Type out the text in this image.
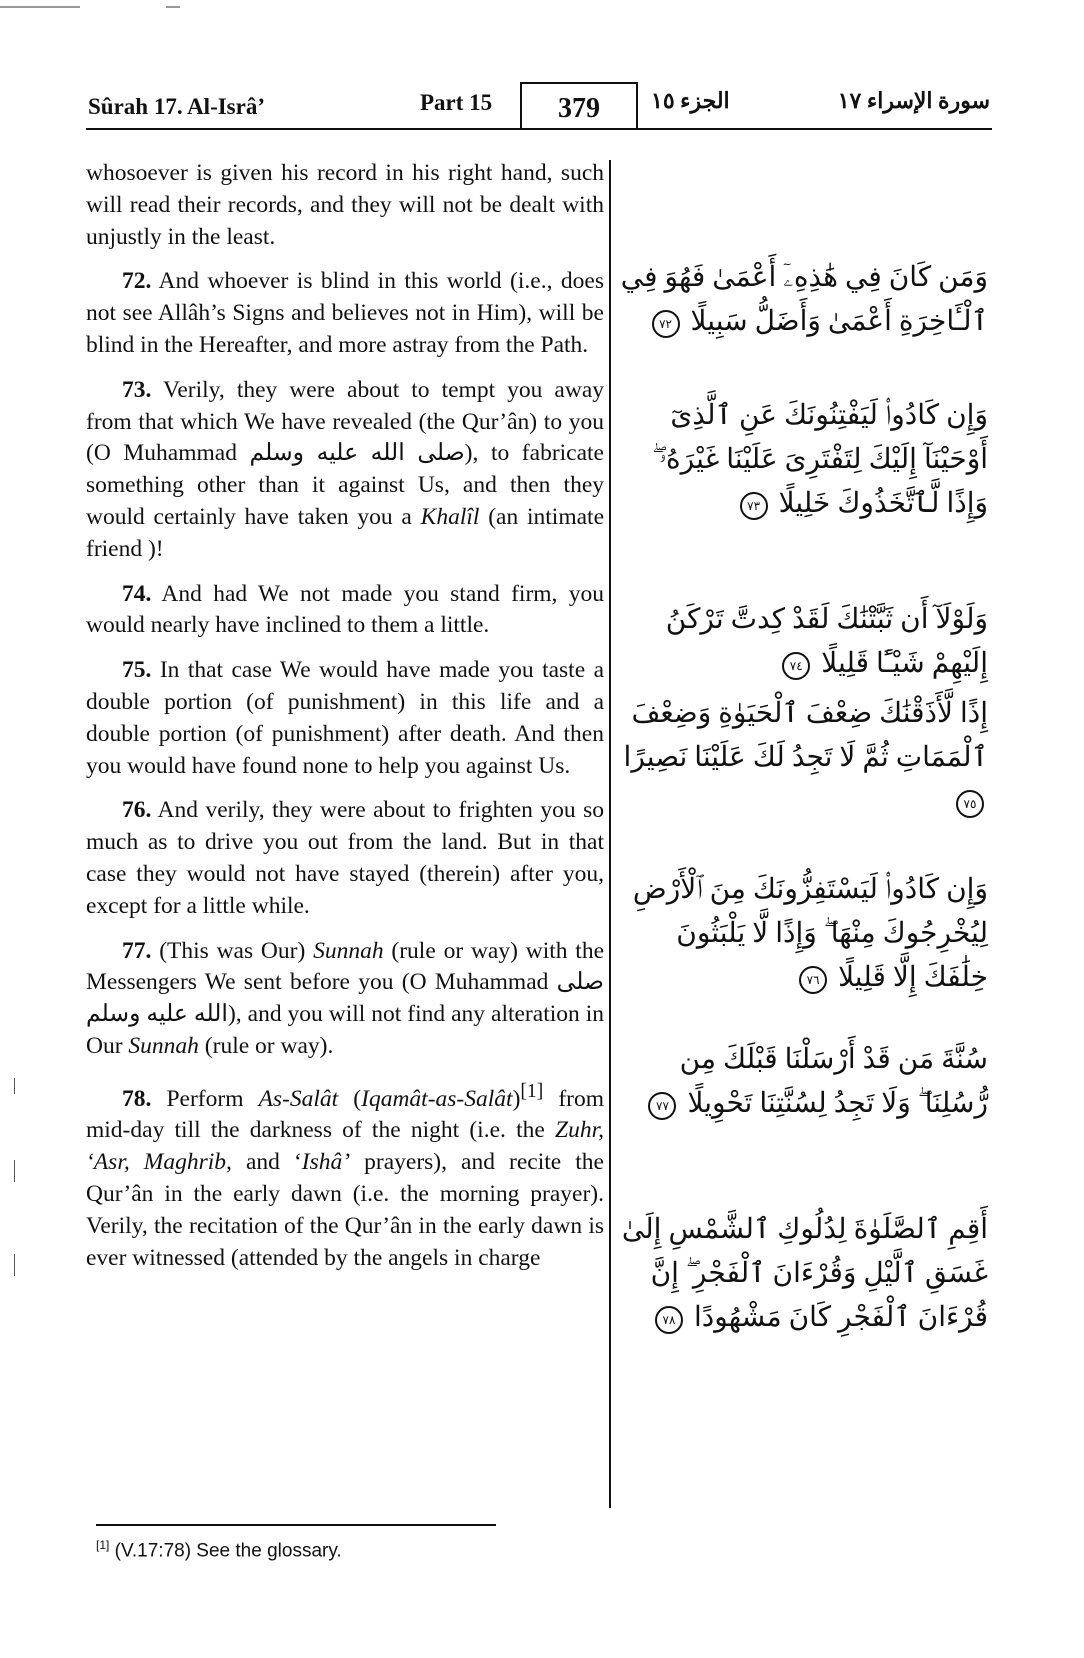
Sûrah 17. Al-Isrâ’	Part 15	379	الجزء ١٥	سورة الإسراء ١٧

whosoever is given his record in his right hand, such will read their records, and they will not be dealt with unjustly in the least.

72. And whoever is blind in this world (i.e., does not see Allâh’s Signs and believes not in Him), will be blind in the Hereafter, and more astray from the Path.

73. Verily, they were about to tempt you away from that which We have revealed (the Qur’ân) to you (O Muhammad صلى الله عليه وسلم), to fabricate something other than it against Us, and then they would certainly have taken you a Khalîl (an intimate friend )!

74. And had We not made you stand firm, you would nearly have inclined to them a little.

75. In that case We would have made you taste a double portion (of punishment) in this life and a double portion (of punishment) after death. And then you would have found none to help you against Us.

76. And verily, they were about to frighten you so much as to drive you out from the land. But in that case they would not have stayed (therein) after you, except for a little while.

77. (This was Our) Sunnah (rule or way) with the Messengers We sent before you (O Muhammad صلى الله عليه وسلم), and you will not find any alteration in Our Sunnah (rule or way).

78. Perform As-Salât (Iqamât-as-Salât)[1] from mid-day till the darkness of the night (i.e. the Zuhr, ‘Asr, Maghrib, and ‘Ishâ’ prayers), and recite the Qur’ân in the early dawn (i.e. the morning prayer). Verily, the recitation of the Qur’ân in the early dawn is ever witnessed (attended by the angels in charge

وَمَن كَانَ فِي هَٰذِهِۦٓ أَعْمَىٰ فَهُوَ فِي ٱلْـَٔاخِرَةِ أَعْمَىٰ وَأَضَلُّ سَبِيلًا ٧٢
وَإِن كَادُوا۟ لَيَفْتِنُونَكَ عَنِ ٱلَّذِىٓ أَوْحَيْنَآ إِلَيْكَ لِتَفْتَرِىَ عَلَيْنَا غَيْرَهُۥ ۖ وَإِذًا لَّٱتَّخَذُوكَ خَلِيلًا ٧٣
وَلَوْلَآ أَن ثَبَّتْنَٰكَ لَقَدْ كِدتَّ تَرْكَنُ إِلَيْهِمْ شَيْـًٔا قَلِيلًا ٧٤
إِذًا لَّأَذَقْنَٰكَ ضِعْفَ ٱلْحَيَوٰةِ وَضِعْفَ ٱلْمَمَاتِ ثُمَّ لَا تَجِدُ لَكَ عَلَيْنَا نَصِيرًا ٧٥
وَإِن كَادُوا۟ لَيَسْتَفِزُّونَكَ مِنَ ٱلْأَرْضِ لِيُخْرِجُوكَ مِنْهَا ۖ وَإِذًا لَّا يَلْبَثُونَ خِلَٰفَكَ إِلَّا قَلِيلًا ٧٦
سُنَّةَ مَن قَدْ أَرْسَلْنَا قَبْلَكَ مِن رُّسُلِنَا ۖ وَلَا تَجِدُ لِسُنَّتِنَا تَحْوِيلًا ٧٧
أَقِمِ ٱلصَّلَوٰةَ لِدُلُوكِ ٱلشَّمْسِ إِلَىٰ غَسَقِ ٱلَّيْلِ وَقُرْءَانَ ٱلْفَجْرِ ۖ إِنَّ قُرْءَانَ ٱلْفَجْرِ كَانَ مَشْهُودًا ٧٨
[1] (V.17:78) See the glossary.
